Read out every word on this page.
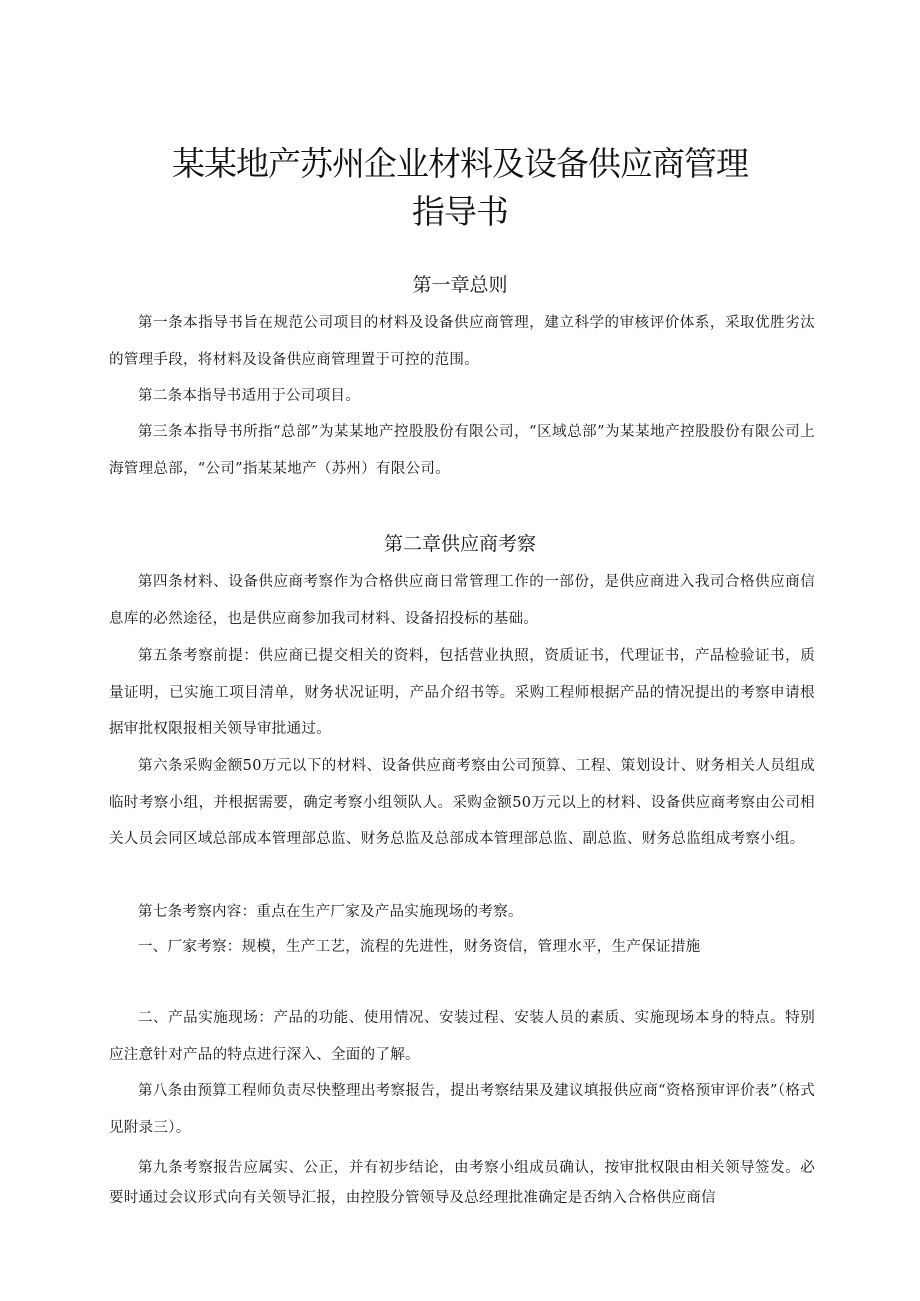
某某地产苏州企业材料及设备供应商管理
指导书
第一章总则

第一条本指导书旨在规范公司项目的材料及设备供应商管理，建立科学的审核评价体系，采取优胜劣汰的管理手段，将材料及设备供应商管理置于可控的范围。

第二条本指导书适用于公司项目。

第三条本指导书所指“总部”为某某地产控股股份有限公司，“区域总部”为某某地产控股股份有限公司上海管理总部，“公司”指某某地产（苏州）有限公司。

第二章供应商考察

第四条材料、设备供应商考察作为合格供应商日常管理工作的一部份，是供应商进入我司合格供应商信息库的必然途径，也是供应商参加我司材料、设备招投标的基础。

第五条考察前提：供应商已提交相关的资料，包括营业执照，资质证书，代理证书，产品检验证书，质量证明，已实施工项目清单，财务状况证明，产品介绍书等。采购工程师根据产品的情况提出的考察申请根据审批权限报相关领导审批通过。

第六条采购金额50万元以下的材料、设备供应商考察由公司预算、工程、策划设计、财务相关人员组成临时考察小组，并根据需要，确定考察小组领队人。采购金额50万元以上的材料、设备供应商考察由公司相关人员会同区域总部成本管理部总监、财务总监及总部成本管理部总监、副总监、财务总监组成考察小组。

第七条考察内容：重点在生产厂家及产品实施现场的考察。

一、厂家考察：规模，生产工艺，流程的先进性，财务资信，管理水平，生产保证措施

二、产品实施现场：产品的功能、使用情况、安装过程、安装人员的素质、实施现场本身的特点。特别应注意针对产品的特点进行深入、全面的了解。

第八条由预算工程师负责尽快整理出考察报告，提出考察结果及建议填报供应商“资格预审评价表”（格式见附录三）。

第九条考察报告应属实、公正，并有初步结论，由考察小组成员确认，按审批权限由相关领导签发。必要时通过会议形式向有关领导汇报，由控股分管领导及总经理批准确定是否纳入合格供应商信
